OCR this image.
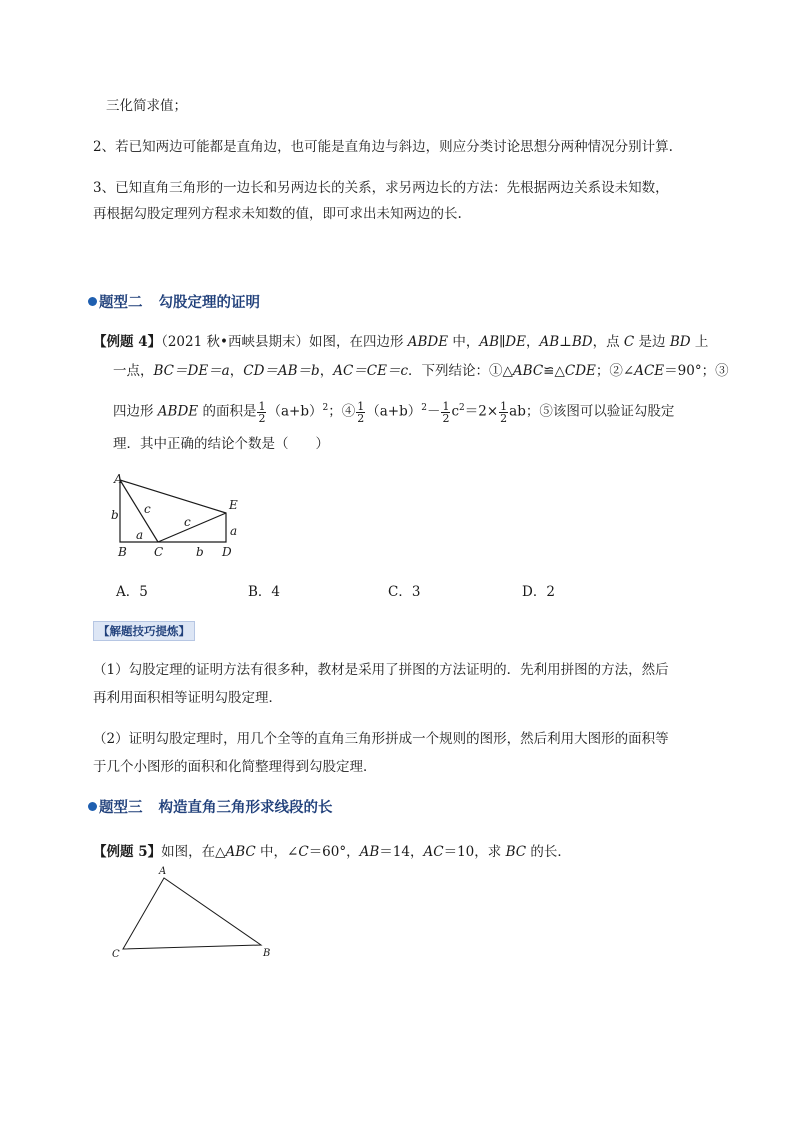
三化简求值；
2、若已知两边可能都是直角边，也可能是直角边与斜边，则应分类讨论思想分两种情况分别计算.
3、已知直角三角形的一边长和另两边长的关系，求另两边长的方法：先根据两边关系设未知数，
再根据勾股定理列方程求未知数的值，即可求出未知两边的长.
题型二 勾股定理的证明
【例题 4】（2021 秋•西峡县期末）如图，在四边形 ABDE 中，AB∥DE，AB⊥BD，点 C 是边 BD 上
一点，BC＝DE＝a，CD＝AB＝b，AC＝CE＝c．下列结论：①△ABC≌△CDE；②∠ACE＝90°；③
四边形 ABDE 的面积是 $\frac{1}{2} (a+b)^2$；④ $\frac{1}{2} (a+b)^2- \frac{1}{2} c^2=2\times \frac{1}{2}$ ab；⑤该图可以验证勾股定
理．其中正确的结论个数是（　　）
A
B C	D
E
b
a
c
c
b
a
A．5	B．4	C．3	D．2
【解题技巧提炼】
（1）勾股定理的证明方法有很多种，教材是采用了拼图的方法证明的．先利用拼图的方法，然后
再利用面积相等证明勾股定理．
（2）证明勾股定理时，用几个全等的直角三角形拼成一个规则的图形，然后利用大图形的面积等
于几个小图形的面积和化简整理得到勾股定理．
题型三 构造直角三角形求线段的长
【例题 5】如图，在△ABC 中，∠C＝60°，AB＝14，AC＝10，求 BC 的长．
A
C	B
